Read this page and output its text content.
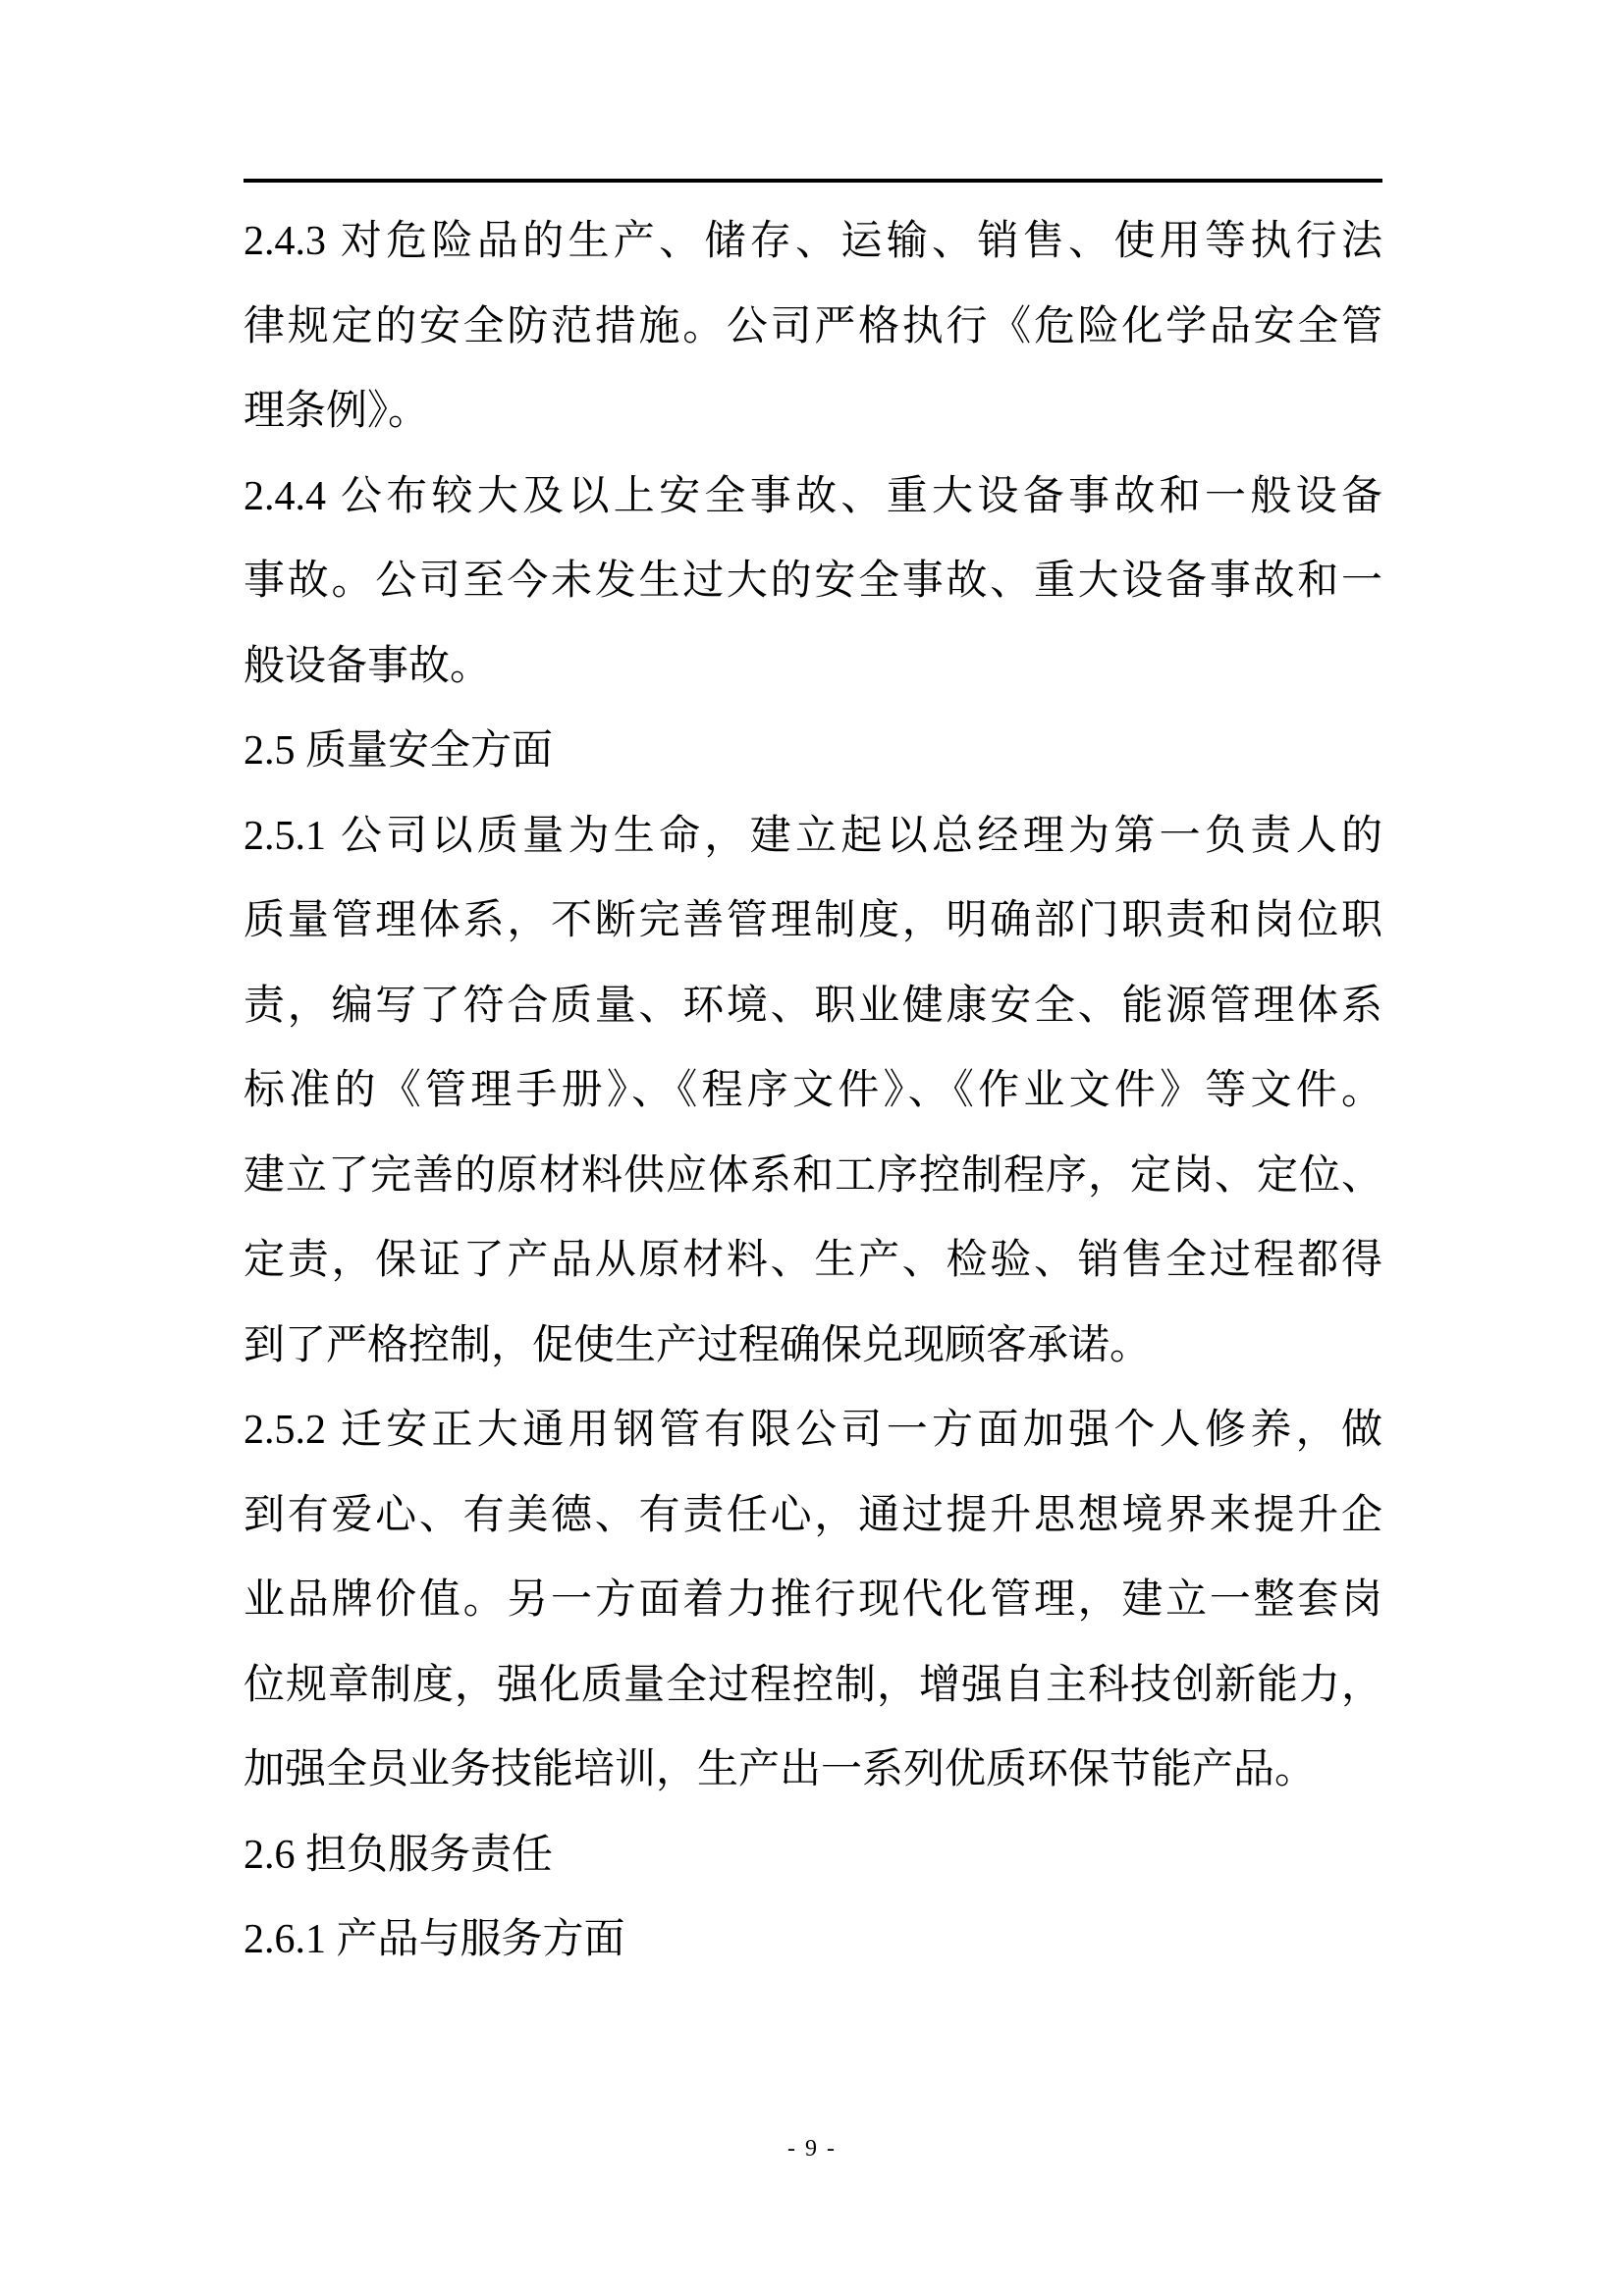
2.4.3 对危险品的生产、储存、运输、销售、使用等执行法
律规定的安全防范措施。公司严格执行《危险化学品安全管
理条例》。
2.4.4 公布较大及以上安全事故、重大设备事故和一般设备
事故。公司至今未发生过大的安全事故、重大设备事故和一
般设备事故。
2.5 质量安全方面
2.5.1 公司以质量为生命，建立起以总经理为第一负责人的
质量管理体系，不断完善管理制度，明确部门职责和岗位职
责，编写了符合质量、环境、职业健康安全、能源管理体系
标准的《管理手册》、《程序文件》、《作业文件》等文件。
建立了完善的原材料供应体系和工序控制程序，定岗、定位、
定责，保证了产品从原材料、生产、检验、销售全过程都得
到了严格控制，促使生产过程确保兑现顾客承诺。
2.5.2 迁安正大通用钢管有限公司一方面加强个人修养，做
到有爱心、有美德、有责任心，通过提升思想境界来提升企
业品牌价值。另一方面着力推行现代化管理，建立一整套岗
位规章制度，强化质量全过程控制，增强自主科技创新能力，
加强全员业务技能培训，生产出一系列优质环保节能产品。
2.6 担负服务责任
2.6.1 产品与服务方面
- 9 -
